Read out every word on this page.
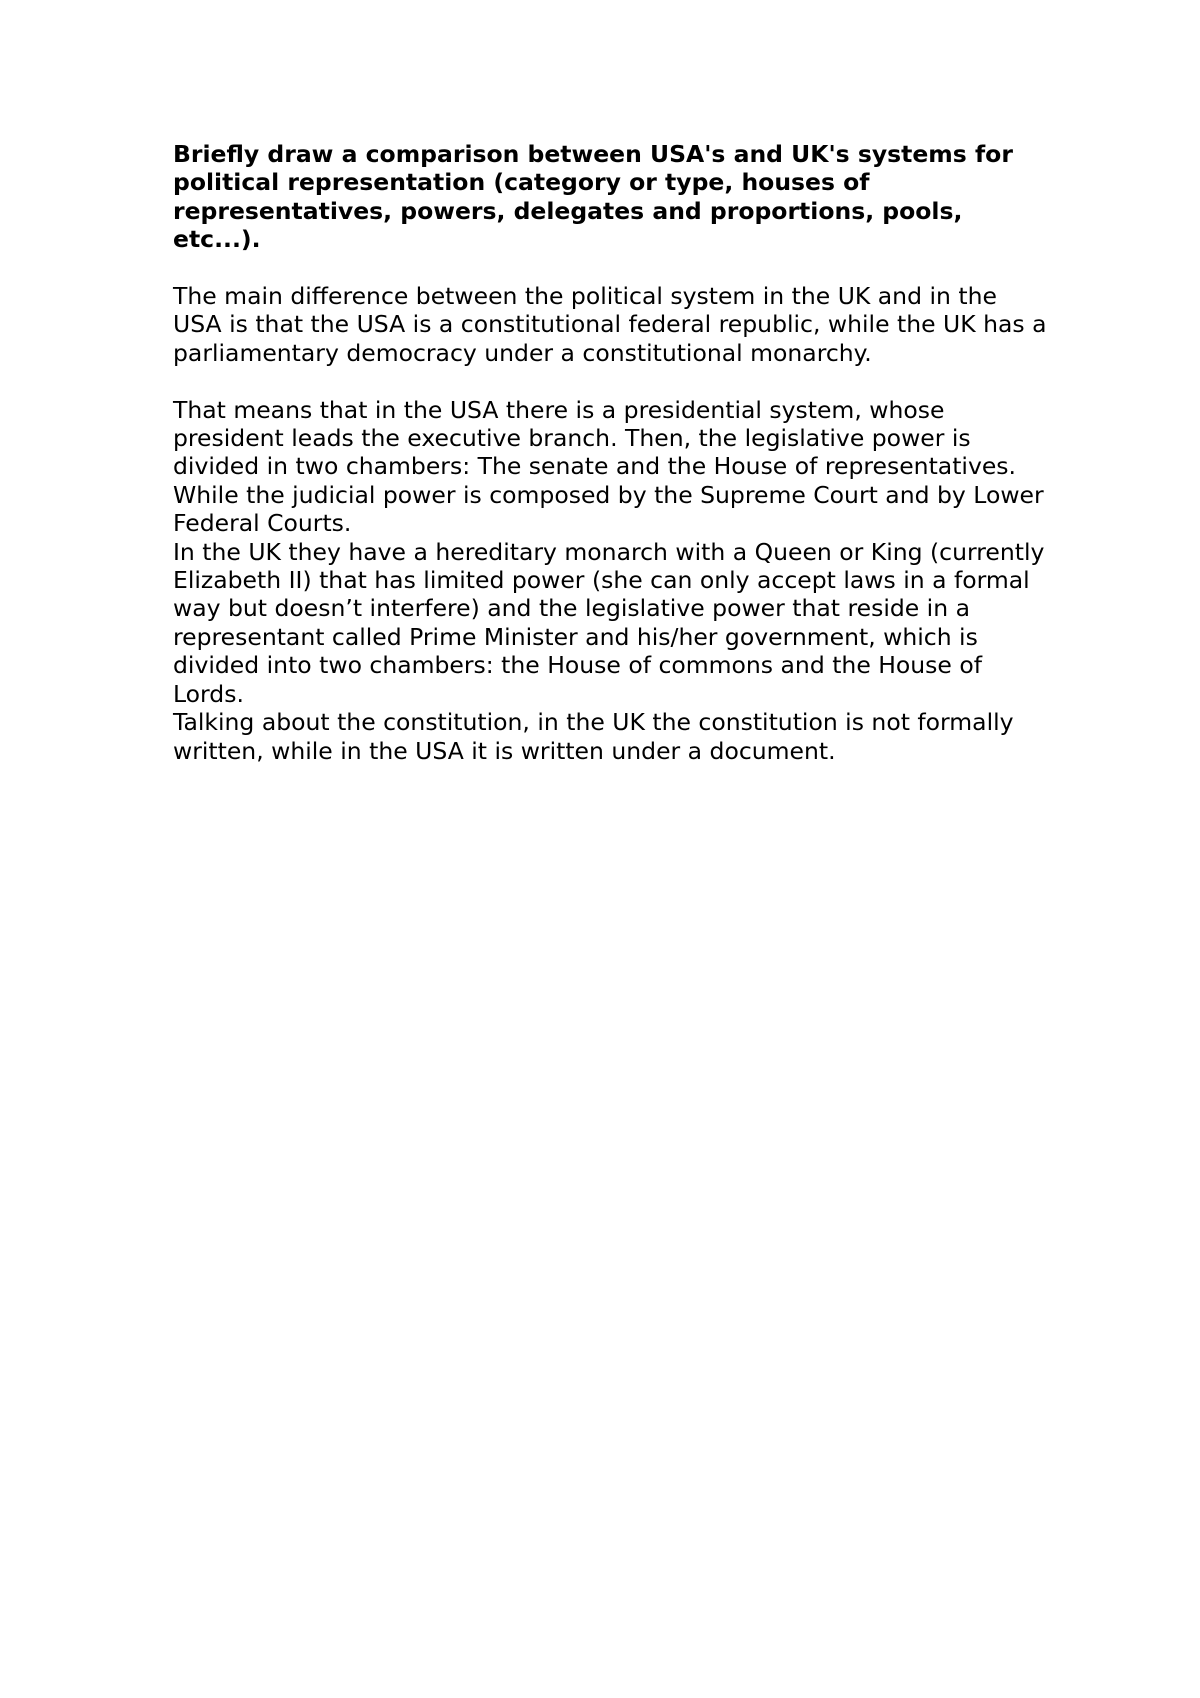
Briefly draw a comparison between USA's and UK's systems for political representation (category or type, houses of representatives, powers, delegates and proportions, pools, etc...).

The main difference between the political system in the UK and in the USA is that the USA is a constitutional federal republic, while the UK has a parliamentary democracy under a constitutional monarchy.

That means that in the USA there is a presidential system, whose president leads the executive branch. Then, the legislative power is divided in two chambers: The senate and the House of representatives. While the judicial power is composed by the Supreme Court and by Lower Federal Courts.

In the UK they have a hereditary monarch with a Queen or King (currently Elizabeth II) that has limited power (she can only accept laws in a formal way but doesn’t interfere) and the legislative power that reside in a representant called Prime Minister and his/her government, which is divided into two chambers: the House of commons and the House of Lords.

Talking about the constitution, in the UK the constitution is not formally written, while in the USA it is written under a document.
